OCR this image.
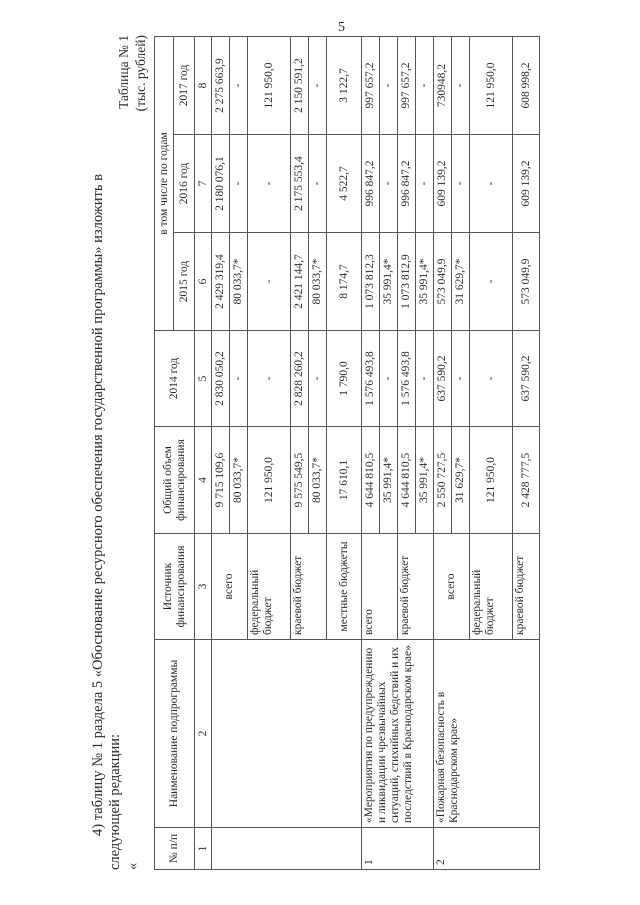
5

4) таблицу № 1 раздела 5 «Обоснование ресурсного обеспечения государственной программы» изложить в следующей редакции: «

Таблица № 1 (тыс. рублей)
№ п/п	Наименование подпрограммы	Источник финансирования	Общий объем финансирования	2014 год	в том числе по годам		
					2015 год	2016 год	2017 год
1	2	3	4	5	6	7	8
		всего	9 715 109,6	2 830 050,2	2 429 319,4	2 180 076,1	2 275 663,9
			80 033,7*	-	80 033,7*	-	-
		федеральный бюджет	121 950,0	-	-	-	121 950,0
		краевой бюджет	9 575 549,5	2 828 260,2	2 421 144,7	2 175 553,4	2 150 591,2
			80 033,7*	-	80 033,7*	-	-
		местные бюджеты	17 610,1	1 790,0	8 174,7	4 522,7	3 122,7
1	«Мероприятия по предупреждению и ликвидации чрезвычайных ситуаций, стихийных бедствий и их последствий в Краснодарском крае»	всего	4 644 810,5	1 576 493,8	1 073 812,3	996 847,2	997 657,2
			35 991,4*	-	35 991,4*	-	-
		краевой бюджет	4 644 810,5	1 576 493,8	1 073 812,9	996 847,2	997 657,2
			35 991,4*	-	35 991,4*	-	-
2	«Пожарная безопасность в Краснодарском крае»	всего	2 550 727,5	637 590,2	573 049,9	609 139,2	730948,2
			31 629,7*	-	31 629,7*	-	-
		федеральный бюджет	121 950,0	-	-	-	121 950,0
		краевой бюджет	2 428 777,5	637 590,2	573 049,9	609 139,2	608 998,2
